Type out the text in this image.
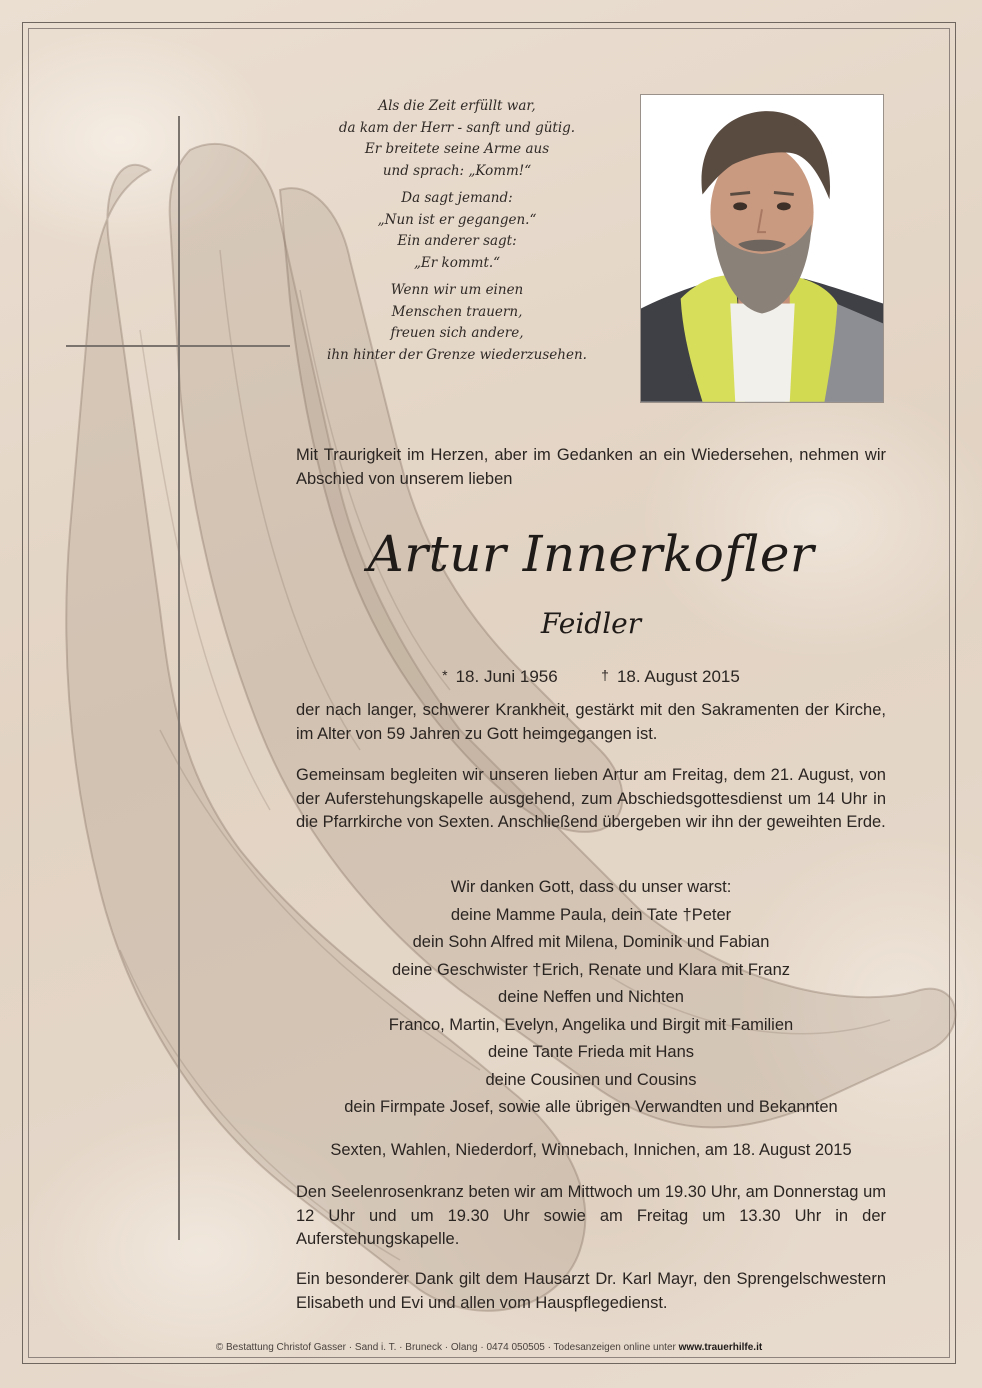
Als die Zeit erfüllt war,
da kam der Herr - sanft und gütig.
Er breitete seine Arme aus
und sprach: „Komm!“
Da sagt jemand:
„Nun ist er gegangen.“
Ein anderer sagt:
„Er kommt.“
Wenn wir um einen
Menschen trauern,
freuen sich andere,
ihn hinter der Grenze wiederzusehen.
Mit Traurigkeit im Herzen, aber im Gedanken an ein Wiedersehen, nehmen wir Abschied von unserem lieben
Artur Innerkofler
Feidler
* 18. Juni 1956	† 18. August 2015
der nach langer, schwerer Krankheit, gestärkt mit den Sakramenten der Kirche, im Alter von 59 Jahren zu Gott heimgegangen ist.
Gemeinsam begleiten wir unseren lieben Artur am Freitag, dem 21. August, von der Auferstehungskapelle ausgehend, zum Abschiedsgottesdienst um 14 Uhr in die Pfarrkirche von Sexten. Anschließend übergeben wir ihn der geweihten Erde.
Wir danken Gott, dass du unser warst:
deine Mamme Paula, dein Tate †Peter
dein Sohn Alfred mit Milena, Dominik und Fabian
deine Geschwister †Erich, Renate und Klara mit Franz
deine Neffen und Nichten
Franco, Martin, Evelyn, Angelika und Birgit mit Familien
deine Tante Frieda mit Hans
deine Cousinen und Cousins
dein Firmpate Josef, sowie alle übrigen Verwandten und Bekannten
Sexten, Wahlen, Niederdorf, Winnebach, Innichen, am 18. August 2015
Den Seelenrosenkranz beten wir am Mittwoch um 19.30 Uhr, am Donnerstag um 12 Uhr und um 19.30 Uhr sowie am Freitag um 13.30 Uhr in der Auferstehungskapelle.
Ein besonderer Dank gilt dem Hausarzt Dr. Karl Mayr, den Sprengelschwestern Elisabeth und Evi und allen vom Hauspflegedienst.
© Bestattung Christof Gasser · Sand i. T. · Bruneck · Olang · 0474 050505 · Todesanzeigen online unter www.trauerhilfe.it
